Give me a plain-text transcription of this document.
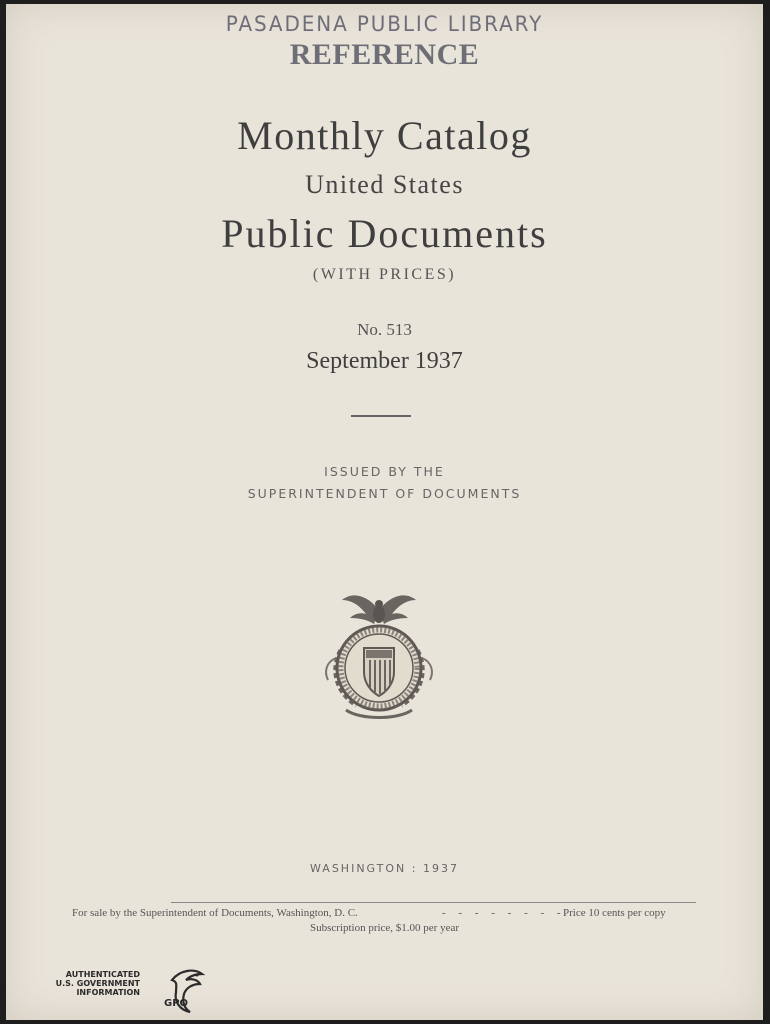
PASADENA PUBLIC LIBRARY
REFERENCE
Monthly Catalog
United States
Public Documents
(WITH PRICES)
No. 513
September 1937
ISSUED BY THE
SUPERINTENDENT OF DOCUMENTS
WASHINGTON : 1937
For sale by the Superintendent of Documents, Washington, D. C.	- - - - - - - -
Price 10 cents per copy
Subscription price, $1.00 per year
AUTHENTICATED
U.S. GOVERNMENT
INFORMATION
GPO
